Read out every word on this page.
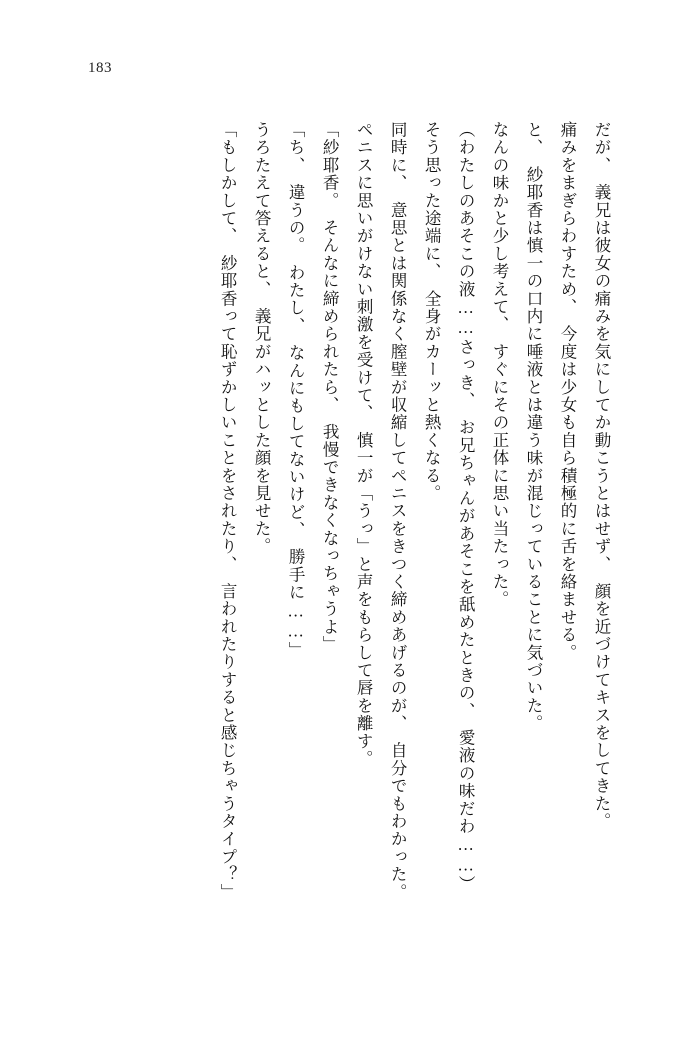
183

だが、　義兄は彼女の痛みを気にしてか動こうとはせず、　顔を近づけてキスをしてきた。

痛みをまぎらわすため、　今度は少女も自ら積極的に舌を絡ませる。

と、　紗耶香は慎一の口内に唾液とは違う味が混じっていることに気づいた。

なんの味かと少し考えて、　すぐにその正体に思い当たった。

（わたしのあそこの液……さっき、　お兄ちゃんがあそこを舐めたときの、　愛液の味だわ……）

そう思った途端に、　全身がカーッと熱くなる。

同時に、　意思とは関係なく膣壁が収縮してペニスをきつく締めあげるのが、　自分でもわかった。

ペニスに思いがけない刺激を受けて、　慎一が「うっ」と声をもらして唇を離す。

「紗耶香。　そんなに締められたら、　我慢できなくなっちゃうよ」

「ち、　違うの。　わたし、　なんにもしてないけど、　勝手に……」

うろたえて答えると、　義兄がハッとした顔を見せた。

「もしかして、　紗耶香って恥ずかしいことをされたり、　言われたりすると感じちゃうタイプ？」
